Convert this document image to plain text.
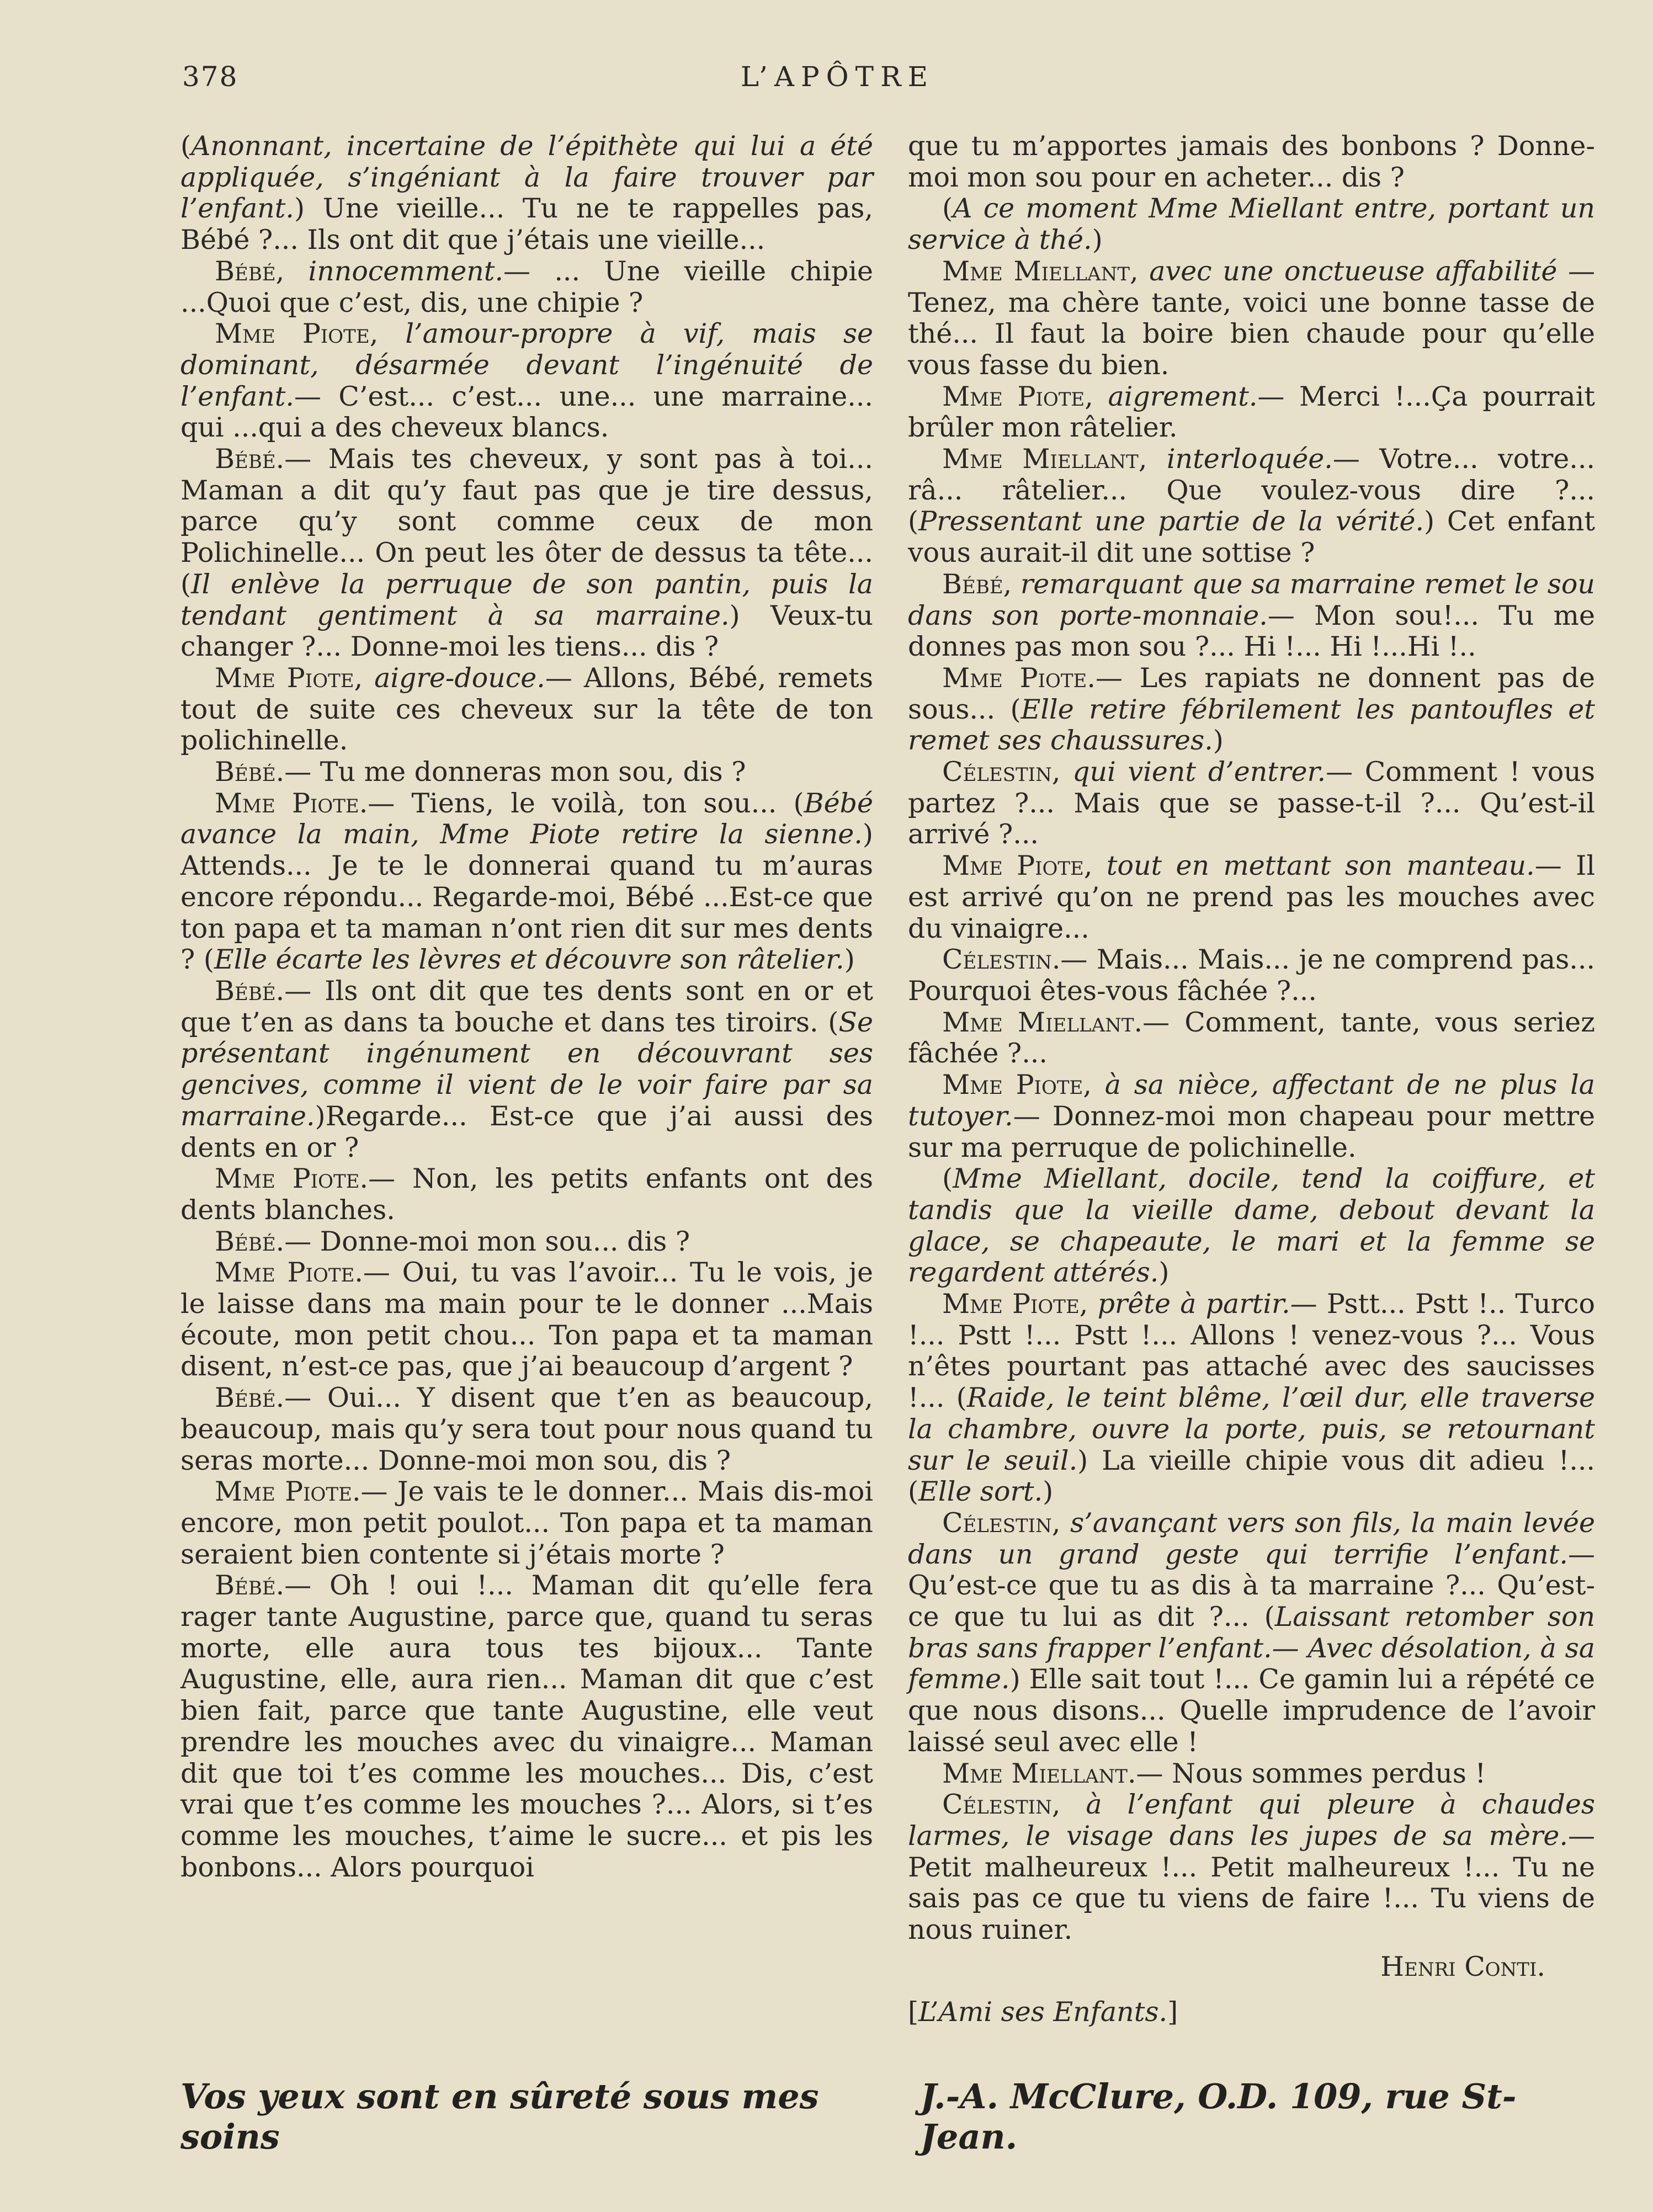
378	L’APÔTRE

(Anonnant, incertaine de l’épithète qui lui a été appliquée, s’ingéniant à la faire trouver par l’enfant.) Une vieille... Tu ne te rappelles pas, Bébé ?... Ils ont dit que j’étais une vieille...

Bébé, innocemment.— ... Une vieille chipie ...Quoi que c’est, dis, une chipie ?

Mme Piote, l’amour-propre à vif, mais se dominant, désarmée devant l’ingénuité de l’enfant.— C’est... c’est... une... une marraine... qui ...qui a des cheveux blancs.

Bébé.— Mais tes cheveux, y sont pas à toi... Maman a dit qu’y faut pas que je tire dessus, parce qu’y sont comme ceux de mon Polichinelle... On peut les ôter de dessus ta tête... (Il enlève la perruque de son pantin, puis la tendant gentiment à sa marraine.) Veux-tu changer ?... Donne-moi les tiens... dis ?

Mme Piote, aigre-douce.— Allons, Bébé, remets tout de suite ces cheveux sur la tête de ton polichinelle.

Bébé.— Tu me donneras mon sou, dis ?

Mme Piote.— Tiens, le voilà, ton sou... (Bébé avance la main, Mme Piote retire la sienne.) Attends... Je te le donnerai quand tu m’auras encore répondu... Regarde-moi, Bébé ...Est-ce que ton papa et ta maman n’ont rien dit sur mes dents ? (Elle écarte les lèvres et découvre son râtelier.)

Bébé.— Ils ont dit que tes dents sont en or et que t’en as dans ta bouche et dans tes tiroirs. (Se présentant ingénument en découvrant ses gencives, comme il vient de le voir faire par sa marraine.)Regarde... Est-ce que j’ai aussi des dents en or ?

Mme Piote.— Non, les petits enfants ont des dents blanches.

Bébé.— Donne-moi mon sou... dis ?

Mme Piote.— Oui, tu vas l’avoir... Tu le vois, je le laisse dans ma main pour te le donner ...Mais écoute, mon petit chou... Ton papa et ta maman disent, n’est-ce pas, que j’ai beaucoup d’argent ?

Bébé.— Oui... Y disent que t’en as beaucoup, beaucoup, mais qu’y sera tout pour nous quand tu seras morte... Donne-moi mon sou, dis ?

Mme Piote.— Je vais te le donner... Mais dis-moi encore, mon petit poulot... Ton papa et ta maman seraient bien contente si j’étais morte ?

Bébé.— Oh ! oui !... Maman dit qu’elle fera rager tante Augustine, parce que, quand tu seras morte, elle aura tous tes bijoux... Tante Augustine, elle, aura rien... Maman dit que c’est bien fait, parce que tante Augustine, elle veut prendre les mouches avec du vinaigre... Maman dit que toi t’es comme les mouches... Dis, c’est vrai que t’es comme les mouches ?... Alors, si t’es comme les mouches, t’aime le sucre... et pis les bonbons... Alors pourquoi

que tu m’apportes jamais des bonbons ? Donne-moi mon sou pour en acheter... dis ?

(A ce moment Mme Miellant entre, portant un service à thé.)

Mme Miellant, avec une onctueuse affabilité — Tenez, ma chère tante, voici une bonne tasse de thé... Il faut la boire bien chaude pour qu’elle vous fasse du bien.

Mme Piote, aigrement.— Merci !...Ça pourrait brûler mon râtelier.

Mme Miellant, interloquée.— Votre... votre... râ... râtelier... Que voulez-vous dire ?... (Pressentant une partie de la vérité.) Cet enfant vous aurait-il dit une sottise ?

Bébé, remarquant que sa marraine remet le sou dans son porte-monnaie.— Mon sou!... Tu me donnes pas mon sou ?... Hi !... Hi !...Hi !..

Mme Piote.— Les rapiats ne donnent pas de sous... (Elle retire fébrilement les pantoufles et remet ses chaussures.)

Célestin, qui vient d’entrer.— Comment ! vous partez ?... Mais que se passe-t-il ?... Qu’est-il arrivé ?...

Mme Piote, tout en mettant son manteau.— Il est arrivé qu’on ne prend pas les mouches avec du vinaigre...

Célestin.— Mais... Mais... je ne comprend pas... Pourquoi êtes-vous fâchée ?...

Mme Miellant.— Comment, tante, vous seriez fâchée ?...

Mme Piote, à sa nièce, affectant de ne plus la tutoyer.— Donnez-moi mon chapeau pour mettre sur ma perruque de polichinelle.

(Mme Miellant, docile, tend la coiffure, et tandis que la vieille dame, debout devant la glace, se chapeaute, le mari et la femme se regardent attérés.)

Mme Piote, prête à partir.— Pstt... Pstt !.. Turco !... Pstt !... Pstt !... Allons ! venez-vous ?... Vous n’êtes pourtant pas attaché avec des saucisses !... (Raide, le teint blême, l’œil dur, elle traverse la chambre, ouvre la porte, puis, se retournant sur le seuil.) La vieille chipie vous dit adieu !... (Elle sort.)

Célestin, s’avançant vers son fils, la main levée dans un grand geste qui terrifie l’enfant.— Qu’est-ce que tu as dis à ta marraine ?... Qu’est-ce que tu lui as dit ?... (Laissant retomber son bras sans frapper l’enfant.— Avec désolation, à sa femme.) Elle sait tout !... Ce gamin lui a répété ce que nous disons... Quelle imprudence de l’avoir laissé seul avec elle !

Mme Miellant.— Nous sommes perdus !

Célestin, à l’enfant qui pleure à chaudes larmes, le visage dans les jupes de sa mère.— Petit malheureux !... Petit malheureux !... Tu ne sais pas ce que tu viens de faire !... Tu viens de nous ruiner.

Henri Conti.

[L’Ami ses Enfants.]

Vos yeux sont en sûreté sous mes soins
J.-A. McClure, O.D. 109, rue St-Jean.
